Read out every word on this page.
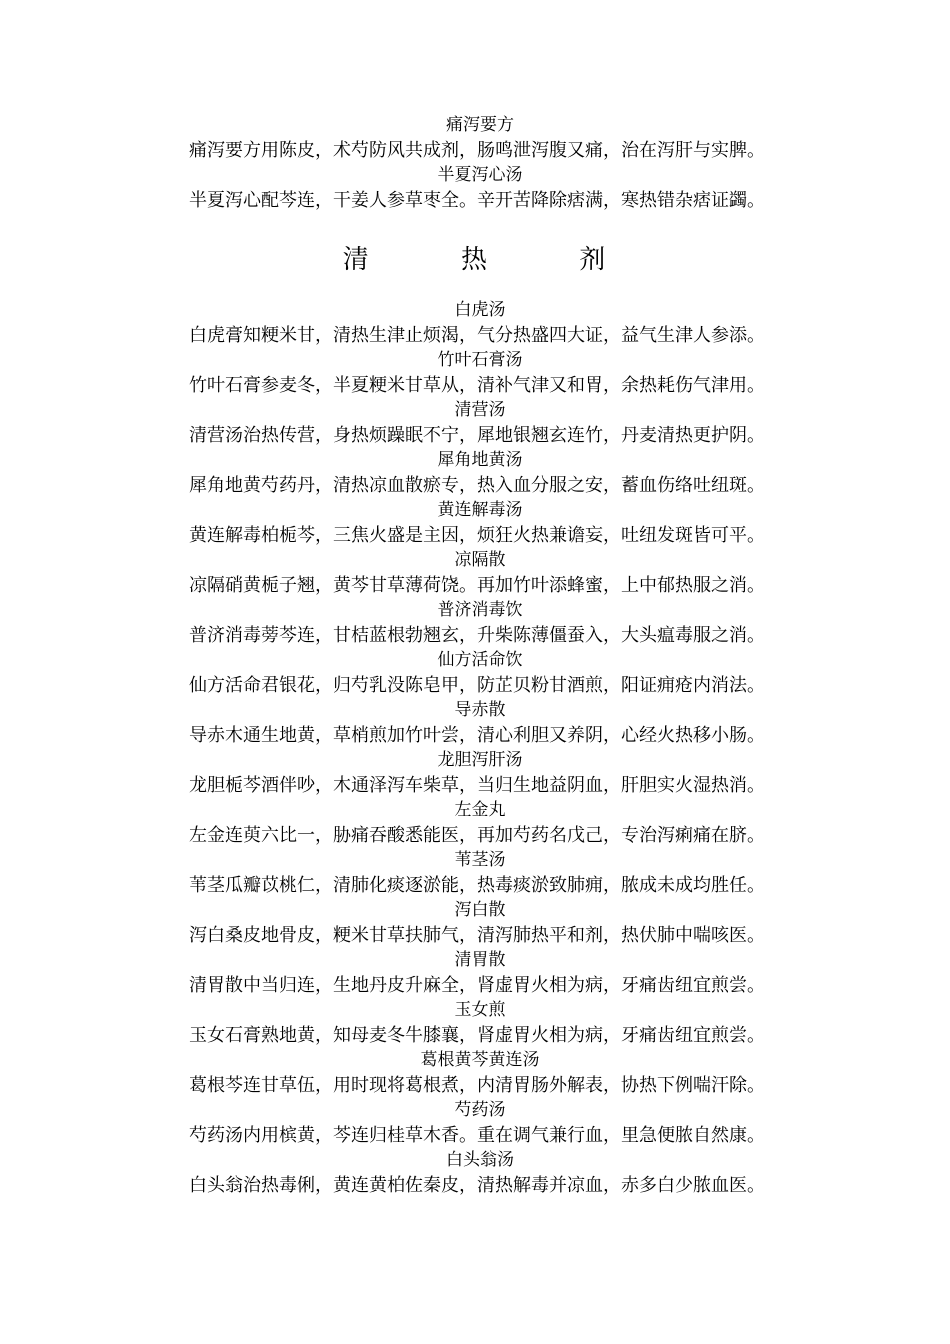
痛泻要方
痛泻要方用陈皮，术芍防风共成剂，肠鸣泄泻腹又痛，治在泻肝与实脾。
半夏泻心汤
半夏泻心配芩连，干姜人参草枣全。辛开苦降除痞满，寒热错杂痞证蠲。
清 热 剂
白虎汤
白虎膏知粳米甘，清热生津止烦渴，气分热盛四大证，益气生津人参添。
竹叶石膏汤
竹叶石膏参麦冬，半夏粳米甘草从，清补气津又和胃，余热耗伤气津用。
清营汤
清营汤治热传营，身热烦躁眠不宁，犀地银翘玄连竹，丹麦清热更护阴。
犀角地黄汤
犀角地黄芍药丹，清热凉血散瘀专，热入血分服之安，蓄血伤络吐纽斑。
黄连解毒汤
黄连解毒柏栀芩，三焦火盛是主因，烦狂火热兼谵妄，吐纽发斑皆可平。
凉隔散
凉隔硝黄栀子翘，黄芩甘草薄荷饶。再加竹叶添蜂蜜，上中郁热服之消。
普济消毒饮
普济消毒蒡芩连，甘桔蓝根勃翘玄，升柴陈薄僵蚕入，大头瘟毒服之消。
仙方活命饮
仙方活命君银花，归芍乳没陈皂甲，防芷贝粉甘酒煎，阳证痈疮内消法。
导赤散
导赤木通生地黄，草梢煎加竹叶尝，清心利胆又养阴，心经火热移小肠。
龙胆泻肝汤
龙胆栀芩酒伴吵，木通泽泻车柴草，当归生地益阴血，肝胆实火湿热消。
左金丸
左金连萸六比一，胁痛吞酸悉能医，再加芍药名戊己，专治泻痢痛在脐。
苇茎汤
苇茎瓜瓣苡桃仁，清肺化痰逐淤能，热毒痰淤致肺痈，脓成未成均胜任。
泻白散
泻白桑皮地骨皮，粳米甘草扶肺气，清泻肺热平和剂，热伏肺中喘咳医。
清胃散
清胃散中当归连，生地丹皮升麻全，肾虚胃火相为病，牙痛齿纽宜煎尝。
玉女煎
玉女石膏熟地黄，知母麦冬牛膝襄，肾虚胃火相为病，牙痛齿纽宜煎尝。
葛根黄芩黄连汤
葛根芩连甘草伍，用时现将葛根煮，内清胃肠外解表，协热下例喘汗除。
芍药汤
芍药汤内用槟黄，芩连归桂草木香。重在调气兼行血，里急便脓自然康。
白头翁汤
白头翁治热毒俐，黄连黄柏佐秦皮，清热解毒并凉血，赤多白少脓血医。
